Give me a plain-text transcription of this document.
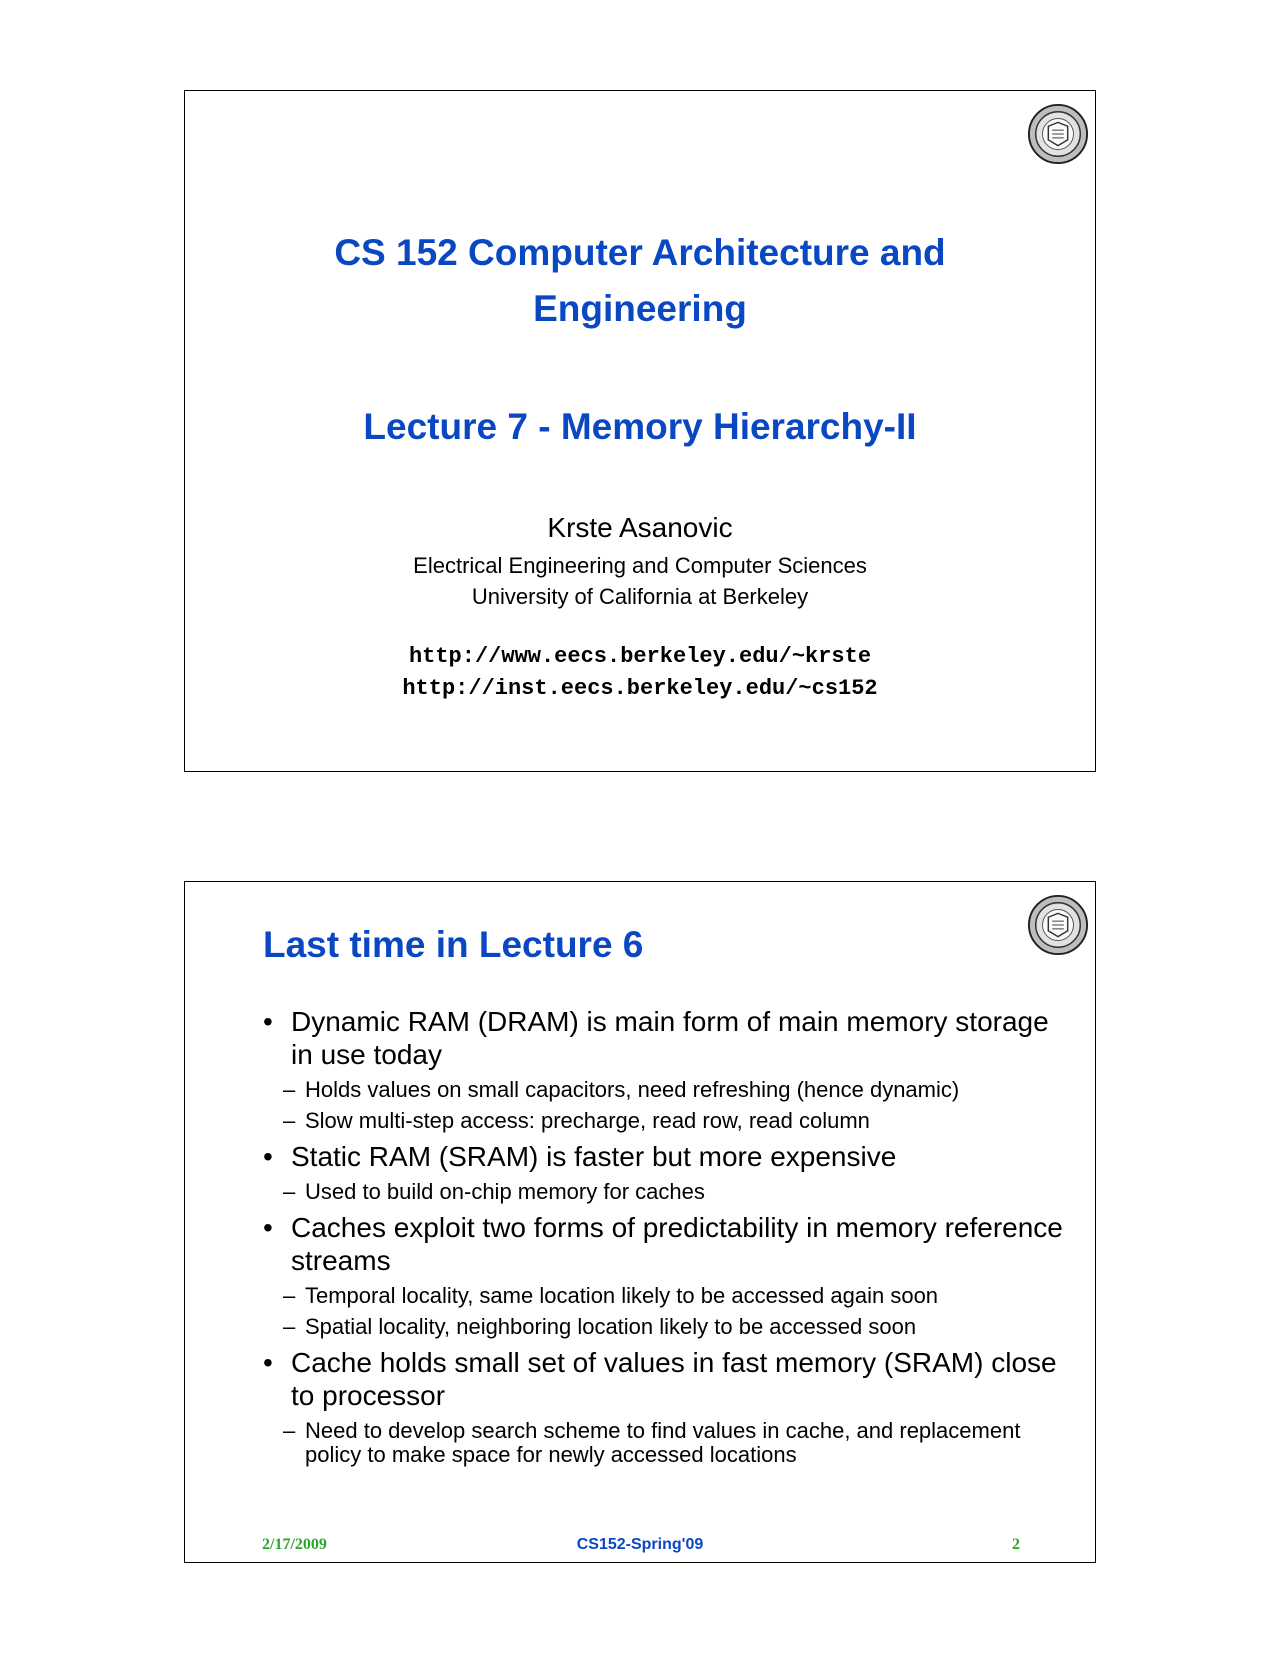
CS 152 Computer Architecture and
Engineering
Lecture 7 - Memory Hierarchy-II
Krste Asanovic
Electrical Engineering and Computer Sciences
University of California at Berkeley
http://www.eecs.berkeley.edu/~krste
http://inst.eecs.berkeley.edu/~cs152
Last time in Lecture 6
• Dynamic RAM (DRAM) is main form of main memory storage in use today
– Holds values on small capacitors, need refreshing (hence dynamic)
– Slow multi-step access: precharge, read row, read column
• Static RAM (SRAM) is faster but more expensive
– Used to build on-chip memory for caches
• Caches exploit two forms of predictability in memory reference streams
– Temporal locality, same location likely to be accessed again soon
– Spatial locality, neighboring location likely to be accessed soon
• Cache holds small set of values in fast memory (SRAM) close to processor
– Need to develop search scheme to find values in cache, and replacement policy to make space for newly accessed locations
2/17/2009	CS152-Spring'09	2
